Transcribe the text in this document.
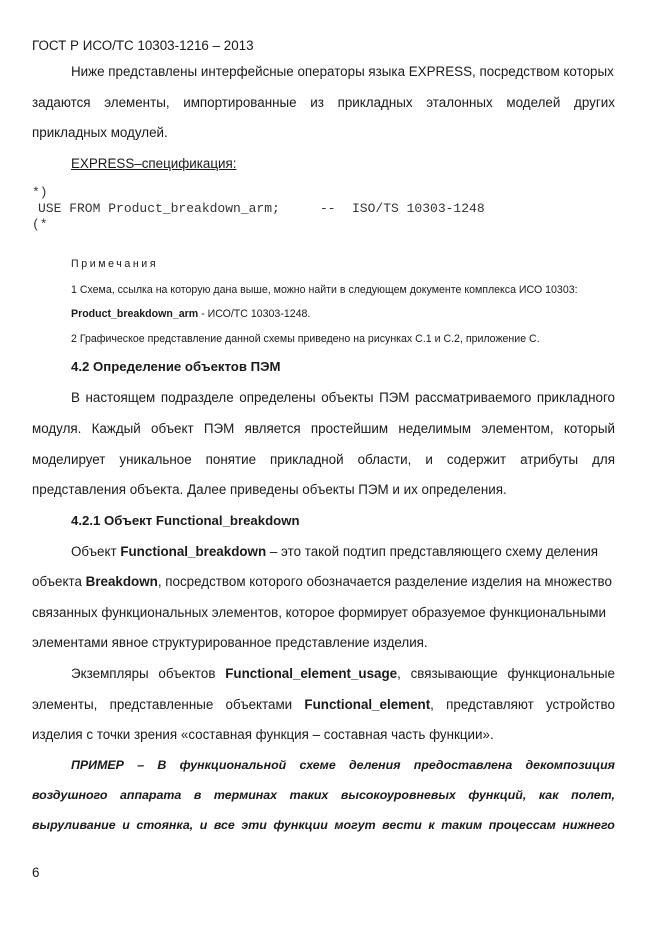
ГОСТ Р ИСО/ТС 10303-1216 – 2013
Ниже представлены интерфейсные операторы языка EXPRESS, посредством которых
задаются элементы, импортированные из прикладных эталонных моделей других
прикладных модулей.
EXPRESS–спецификация:
*)
USE FROM Product_breakdown_arm;	-- ISO/TS 10303-1248
(*
Примечания
1 Схема, ссылка на которую дана выше, можно найти в следующем документе комплекса ИСО 10303:
Product_breakdown_arm - ИСО/ТС 10303-1248.
2 Графическое представление данной схемы приведено на рисунках С.1 и С.2, приложение С.
4.2 Определение объектов ПЭМ
В настоящем подразделе определены объекты ПЭМ рассматриваемого прикладного
модуля. Каждый объект ПЭМ является простейшим неделимым элементом, который
моделирует уникальное понятие прикладной области, и содержит атрибуты для
представления объекта. Далее приведены объекты ПЭМ и их определения.
4.2.1 Объект Functional_breakdown
Объект Functional_breakdown – это такой подтип представляющего схему деления
объекта Breakdown, посредством которого обозначается разделение изделия на множество
связанных функциональных элементов, которое формирует образуемое функциональными
элементами явное структурированное представление изделия.
Экземпляры объектов Functional_element_usage, связывающие функциональные
элементы, представленные объектами Functional_element, представляют устройство
изделия с точки зрения «составная функция – составная часть функции».
ПРИМЕР – В функциональной схеме деления предоставлена декомпозиция
воздушного аппарата в терминах таких высокоуровневых функций, как полет,
выруливание и стоянка, и все эти функции могут вести к таким процессам нижнего
6
